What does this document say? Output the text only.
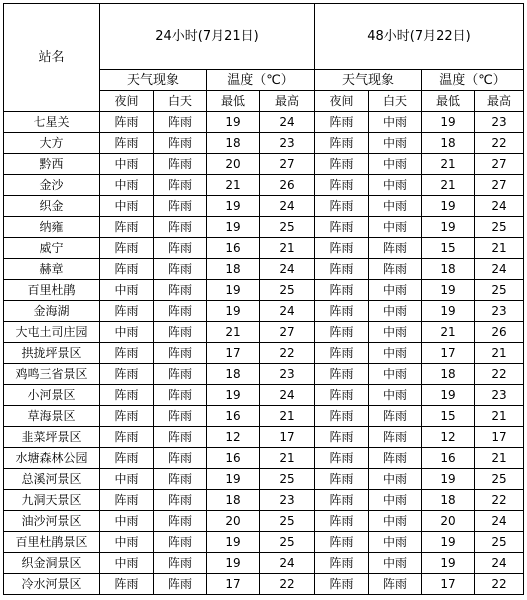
站名	24小时(7月21日)				48小时(7月22日)			
	天气现象		温度（℃）		天气现象		温度（℃）	
	夜间	白天	最低	最高	夜间	白天	最低	最高
七星关	阵雨	阵雨	19	24	阵雨	中雨	19	23
大方	阵雨	阵雨	18	23	阵雨	中雨	18	22
黔西	中雨	阵雨	20	27	阵雨	中雨	21	27
金沙	中雨	阵雨	21	26	阵雨	中雨	21	27
织金	中雨	阵雨	19	24	阵雨	中雨	19	24
纳雍	阵雨	阵雨	19	25	阵雨	中雨	19	25
威宁	阵雨	阵雨	16	21	阵雨	阵雨	15	21
赫章	阵雨	阵雨	18	24	阵雨	阵雨	18	24
百里杜鹃	中雨	阵雨	19	25	阵雨	中雨	19	25
金海湖	阵雨	阵雨	19	24	阵雨	中雨	19	23
大屯土司庄园	中雨	阵雨	21	27	阵雨	中雨	21	26
拱拢坪景区	阵雨	阵雨	17	22	阵雨	中雨	17	21
鸡鸣三省景区	阵雨	阵雨	18	23	阵雨	中雨	18	22
小河景区	阵雨	阵雨	19	24	阵雨	中雨	19	23
草海景区	阵雨	阵雨	16	21	阵雨	阵雨	15	21
韭菜坪景区	阵雨	阵雨	12	17	阵雨	阵雨	12	17
水塘森林公园	阵雨	阵雨	16	21	阵雨	阵雨	16	21
总溪河景区	中雨	阵雨	19	25	阵雨	中雨	19	25
九洞天景区	阵雨	阵雨	18	23	阵雨	中雨	18	22
油沙河景区	中雨	阵雨	20	25	阵雨	中雨	20	24
百里杜鹃景区	中雨	阵雨	19	25	阵雨	中雨	19	25
织金洞景区	中雨	阵雨	19	24	阵雨	中雨	19	24
冷水河景区	阵雨	阵雨	17	22	阵雨	阵雨	17	22
